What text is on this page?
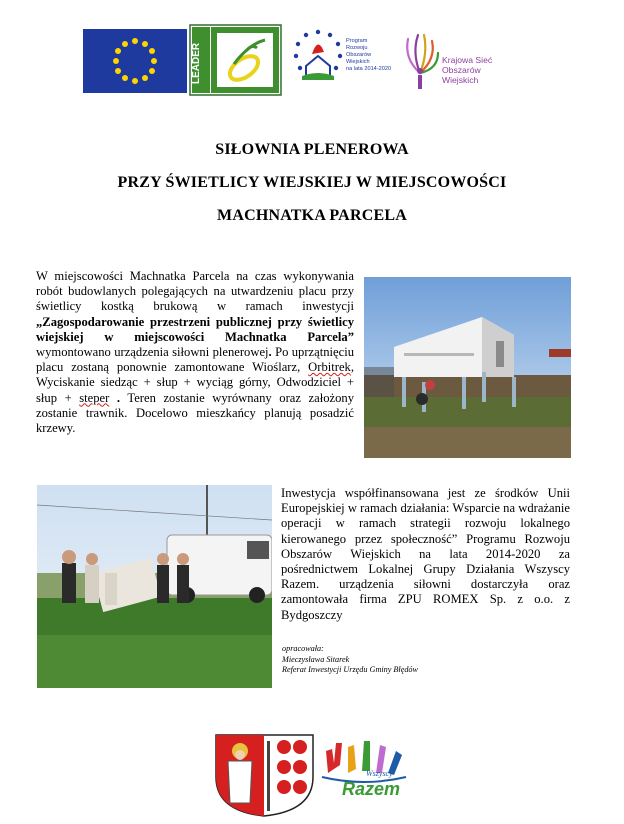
LEADER
Program
Rozwoju
Obszarów
Wiejskich
na lata 2014-2020
Krajowa Sieć
Obszarów Wiejskich
SIŁOWNIA PLENEROWA
PRZY ŚWIETLICY WIEJSKIEJ W MIEJSCOWOŚCI
MACHNATKA PARCELA
W miejscowości Machnatka Parcela na czas wykonywania robót budowlanych polegających na utwardzeniu placu przy świetlicy kostką brukową w ramach inwestycji „Zagospodarowanie przestrzeni publicznej przy świetlicy wiejskiej w miejscowości Machnatka Parcela” wymontowano urządzenia siłowni plenerowej. Po uprzątnięciu placu zostaną ponownie zamontowane Wioślarz, Orbitrek, Wyciskanie siedząc + słup + wyciąg górny, Odwodziciel + słup + steper . Teren zostanie wyrównany oraz założony zostanie trawnik. Docelowo mieszkańcy planują posadzić krzewy.
Inwestycja współfinansowana jest ze środków Unii Europejskiej w ramach działania: Wsparcie na wdrażanie operacji w ramach strategii rozwoju lokalnego kierowanego przez społeczność” Programu Rozwoju Obszarów Wiejskich na lata 2014-2020 za pośrednictwem Lokalnej Grupy Działania Wszyscy Razem. urządzenia siłowni dostarczyła oraz zamontowała firma ZPU ROMEX Sp. z o.o. z Bydgoszczy
opracowała:
Mieczysława Sitarek
Referat Inwestycji Urzędu Gminy Błędów
Wszyscy
Razem
